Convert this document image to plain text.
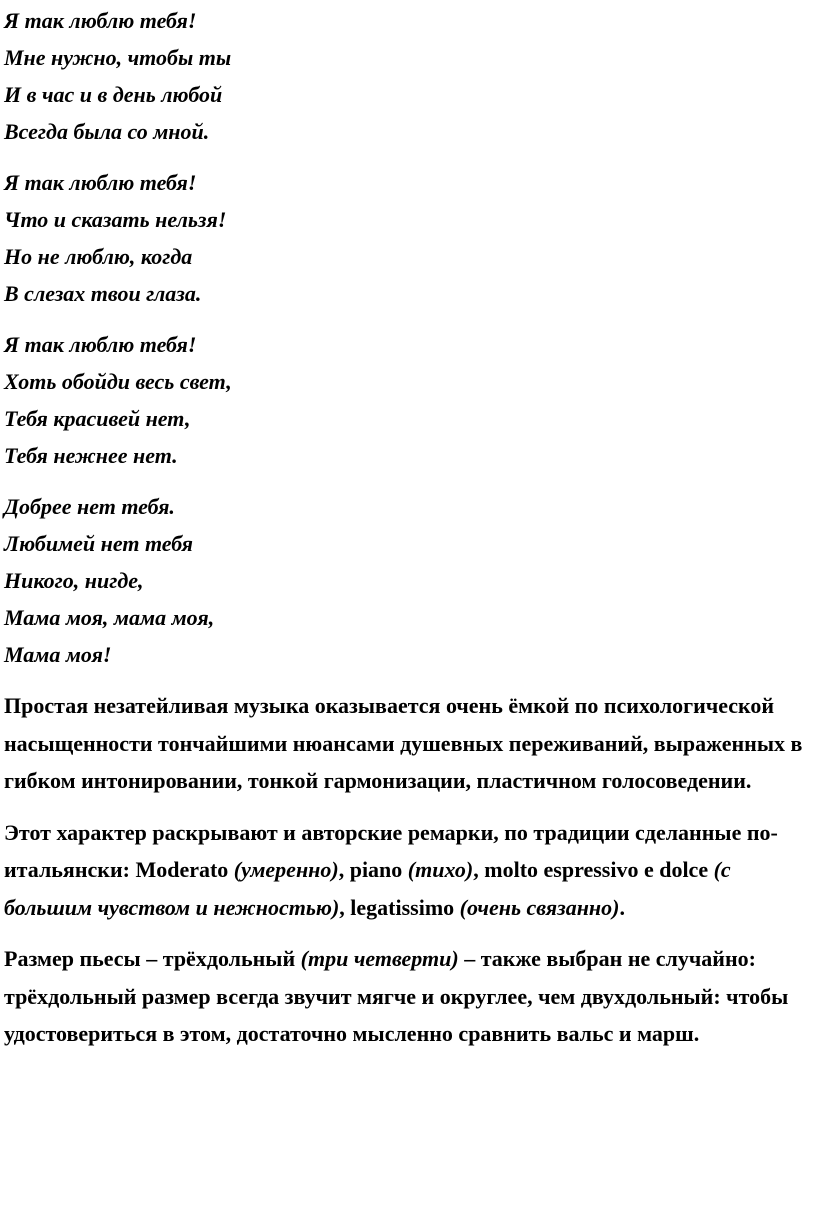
Я так люблю тебя!
Мне нужно, чтобы ты
И в час и в день любой
Всегда была со мной.
Я так люблю тебя!
Что и сказать нельзя!
Но не люблю, когда
В слезах твои глаза.
Я так люблю тебя!
Хоть обойди весь свет,
Тебя красивей нет,
Тебя нежнее нет.
Добрее нет тебя.
Любимей нет тебя
Никого, нигде,
Мама моя, мама моя,
Мама моя!

Простая незатейливая музыка оказывается очень ёмкой по психологической насыщенности тончайшими нюансами душевных переживаний, выраженных в гибком интонировании, тонкой гармонизации, пластичном голосоведении.

Этот характер раскрывают и авторские ремарки, по традиции сделанные по-итальянски: Moderato (умеренно), piano (тихо), molto espressivo e dolce (с большим чувством и нежностью), legatissimo (очень связанно).

Размер пьесы – трёхдольный (три четверти) – также выбран не случайно: трёхдольный размер всегда звучит мягче и округлее, чем двухдольный: чтобы удостовериться в этом, достаточно мысленно сравнить вальс и марш.
